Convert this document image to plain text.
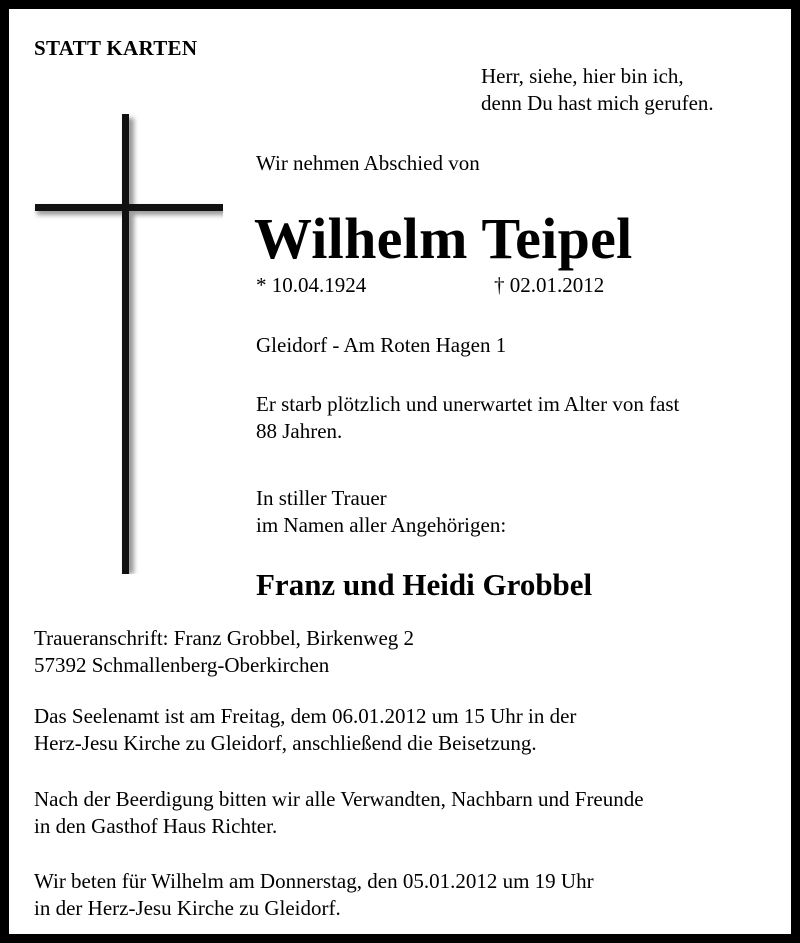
STATT KARTEN
Herr, siehe, hier bin ich,
denn Du hast mich gerufen.
Wir nehmen Abschied von
Wilhelm Teipel
* 10.04.1924	† 02.01.2012
Gleidorf - Am Roten Hagen 1
Er starb plötzlich und unerwartet im Alter von fast
88 Jahren.
In stiller Trauer
im Namen aller Angehörigen:
Franz und Heidi Grobbel
Traueranschrift: Franz Grobbel, Birkenweg 2
57392 Schmallenberg-Oberkirchen
Das Seelenamt ist am Freitag, dem 06.01.2012 um 15 Uhr in der
Herz-Jesu Kirche zu Gleidorf, anschließend die Beisetzung.
Nach der Beerdigung bitten wir alle Verwandten, Nachbarn und Freunde
in den Gasthof Haus Richter.
Wir beten für Wilhelm am Donnerstag, den 05.01.2012 um 19 Uhr
in der Herz-Jesu Kirche zu Gleidorf.
